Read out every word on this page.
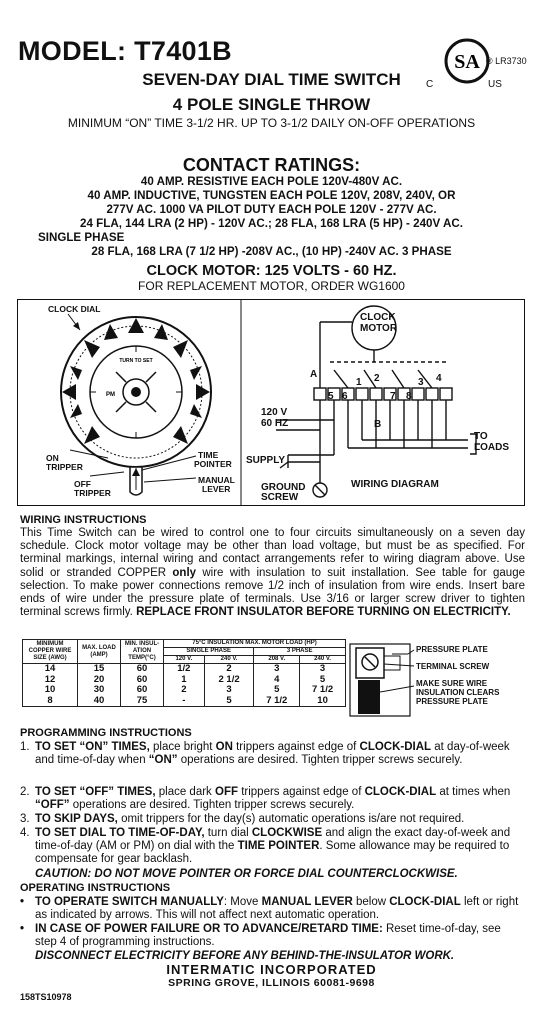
MODEL: T7401B
SEVEN-DAY DIAL TIME SWITCH
4 POLE SINGLE THROW
MINIMUM “ON” TIME 3-1/2 HR. UP TO 3-1/2 DAILY ON-OFF OPERATIONS
SA ® LR3730
C	US
CONTACT RATINGS:
40 AMP. RESISTIVE EACH POLE 120V-480V AC.
40 AMP. INDUCTIVE, TUNGSTEN EACH POLE 120V, 208V, 240V, OR
277V AC. 1000 VA PILOT DUTY EACH POLE 120V - 277V AC.
24 FLA, 144 LRA (2 HP) - 120V AC.; 28 FLA, 168 LRA (5 HP) - 240V AC.
SINGLE PHASE
28 FLA, 168 LRA (7 1/2 HP) -208V AC., (10 HP) -240V AC. 3 PHASE
CLOCK MOTOR: 125 VOLTS - 60 HZ.
FOR REPLACEMENT MOTOR, ORDER WG1600
TURN TO SET
PM
CLOCK DIAL
ON
TRIPPER
OFF
TRIPPER
TIME
POINTER
MANUAL
LEVER
CLOCK
MOTOR
A
B
1 2	3 4
5 6	7 8
120 V
60 HZ
TO
LOADS
SUPPLY
GROUND
SCREW
WIRING DIAGRAM
WIRING INSTRUCTIONS
This Time Switch can be wired to control one to four circuits simultaneously on a seven day schedule. Clock motor voltage may be other than load voltage, but must be as specified. For terminal markings, internal wiring and contact arrangements refer to wiring diagram above. Use solid or stranded COPPER only wire with insulation to suit installation. See table for gauge selection. To make power connections remove 1/2 inch of insulation from wire ends. Insert bare ends of wire under the pressure plate of terminals. Use 3/16 or larger screw driver to tighten terminal screws firmly. REPLACE FRONT INSULATOR BEFORE TURNING ON ELECTRICITY.
MINIMUM COPPER WIRE SIZE (AWG)	MAX. LOAD (AMP)	MIN. INSUL- ATION TEMP(°C)	75°C INSULATION MAX. MOTOR LOAD (HP)			
			SINGLE PHASE		3 PHASE	
			120 V.	240 V.	208 V.	240 V.
14	15	60	1/2	2	3	3
12	20	60	1	2 1/2	4	5
10	30	60	2	3	5	7 1/2
8	40	75	-	5	7 1/2	10
PRESSURE PLATE
TERMINAL SCREW
MAKE SURE WIRE
INSULATION CLEARS
PRESSURE PLATE
PROGRAMMING INSTRUCTIONS
1. TO SET “ON” TIMES, place bright ON trippers against edge of CLOCK-DIAL at day-of-week and time-of-day when “ON” operations are desired. Tighten tripper screws securely.
2. TO SET “OFF” TIMES, place dark OFF trippers against edge of CLOCK-DIAL at times when “OFF” operations are desired. Tighten tripper screws securely.
3. TO SKIP DAYS, omit trippers for the day(s) automatic operations is/are not required.
4. TO SET DIAL TO TIME-OF-DAY, turn dial CLOCKWISE and align the exact day-of-week and time-of-day (AM or PM) on dial with the TIME POINTER. Some allowance may be required to compensate for gear backlash.
CAUTION: DO NOT MOVE POINTER OR FORCE DIAL COUNTERCLOCKWISE.
OPERATING INSTRUCTIONS
• TO OPERATE SWITCH MANUALLY: Move MANUAL LEVER below CLOCK-DIAL left or right as indicated by arrows. This will not affect next automatic operation.
• IN CASE OF POWER FAILURE OR TO ADVANCE/RETARD TIME: Reset time-of-day, see step 4 of programming instructions.
DISCONNECT ELECTRICITY BEFORE ANY BEHIND-THE-INSULATOR WORK.
INTERMATIC INCORPORATED
SPRING GROVE, ILLINOIS 60081-9698
158TS10978
